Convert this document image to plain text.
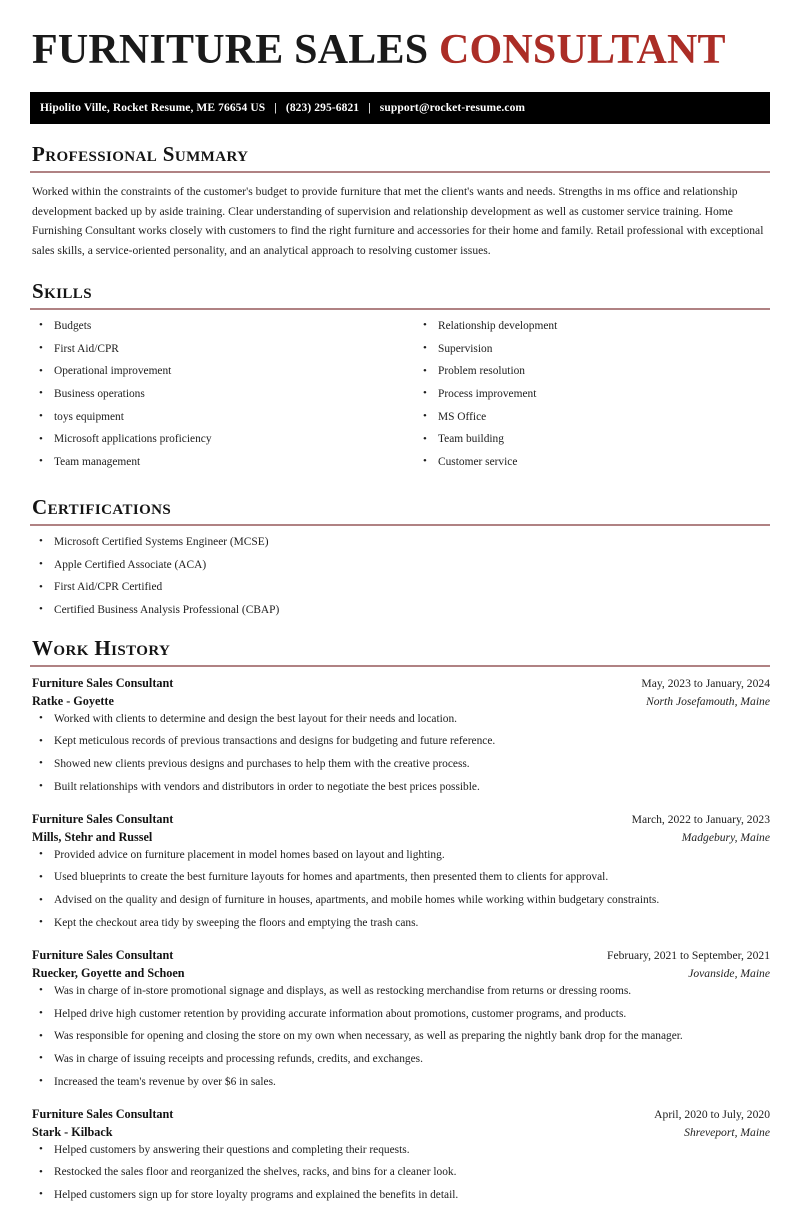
FURNITURE SALES CONSULTANT
Hipolito Ville, Rocket Resume, ME 76654 US | (823) 295-6821 | support@rocket-resume.com
Professional Summary

Worked within the constraints of the customer's budget to provide furniture that met the client's wants and needs. Strengths in ms office and relationship development backed up by aside training. Clear understanding of supervision and relationship development as well as customer service training. Home Furnishing Consultant works closely with customers to find the right furniture and accessories for their home and family. Retail professional with exceptional sales skills, a service-oriented personality, and an analytical approach to resolving customer issues.

Skills
• Budgets
• First Aid/CPR
• Operational improvement
• Business operations
• toys equipment
• Microsoft applications proficiency
• Team management
• Relationship development
• Supervision
• Problem resolution
• Process improvement
• MS Office
• Team building
• Customer service
Certifications
• Microsoft Certified Systems Engineer (MCSE)
• Apple Certified Associate (ACA)
• First Aid/CPR Certified
• Certified Business Analysis Professional (CBAP)
Work History
Furniture Sales Consultant	May, 2023 to January, 2024
Ratke - Goyette	North Josefamouth, Maine
• Worked with clients to determine and design the best layout for their needs and location.
• Kept meticulous records of previous transactions and designs for budgeting and future reference.
• Showed new clients previous designs and purchases to help them with the creative process.
• Built relationships with vendors and distributors in order to negotiate the best prices possible.
Furniture Sales Consultant	March, 2022 to January, 2023
Mills, Stehr and Russel	Madgebury, Maine
• Provided advice on furniture placement in model homes based on layout and lighting.
• Used blueprints to create the best furniture layouts for homes and apartments, then presented them to clients for approval.
• Advised on the quality and design of furniture in houses, apartments, and mobile homes while working within budgetary constraints.
• Kept the checkout area tidy by sweeping the floors and emptying the trash cans.
Furniture Sales Consultant	February, 2021 to September, 2021
Ruecker, Goyette and Schoen	Jovanside, Maine
• Was in charge of in-store promotional signage and displays, as well as restocking merchandise from returns or dressing rooms.
• Helped drive high customer retention by providing accurate information about promotions, customer programs, and products.
• Was responsible for opening and closing the store on my own when necessary, as well as preparing the nightly bank drop for the manager.
• Was in charge of issuing receipts and processing refunds, credits, and exchanges.
• Increased the team's revenue by over $6 in sales.
Furniture Sales Consultant	April, 2020 to July, 2020
Stark - Kilback	Shreveport, Maine
• Helped customers by answering their questions and completing their requests.
• Restocked the sales floor and reorganized the shelves, racks, and bins for a cleaner look.
• Helped customers sign up for store loyalty programs and explained the benefits in detail.
